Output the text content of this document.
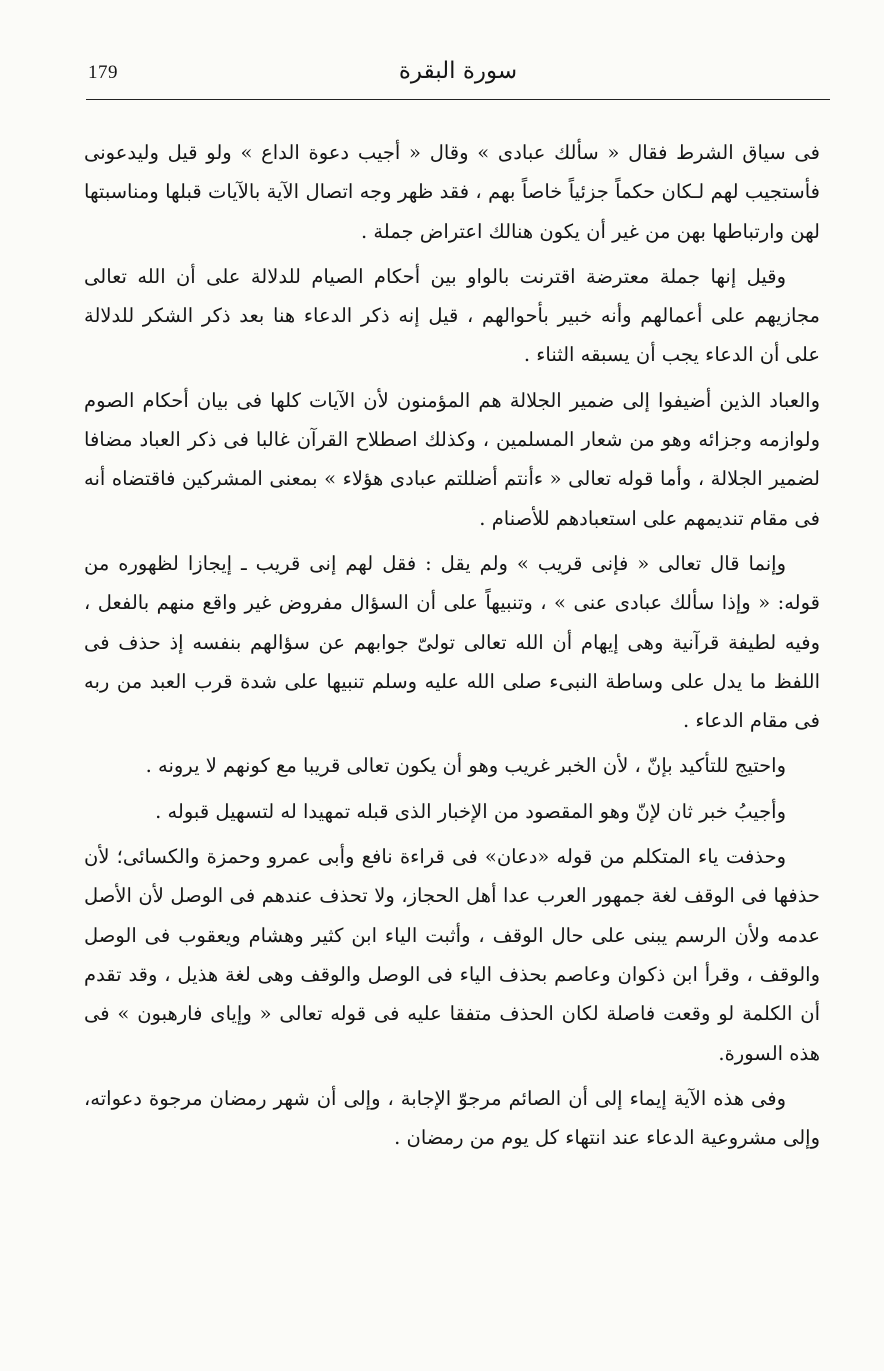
179	سورة البقرة

فى سياق الشرط فقال « سألك عبادى » وقال « أجيب دعوة الداع » ولو قيل وليدعونى فأستجيب لهم لـكان حكماً جزئياً خاصاً بهم ، فقد ظهر وجه اتصال الآية بالآيات قبلها ومناسبتها لهن وارتباطها بهن من غير أن يكون هنالك اعتراض جملة .

وقيل إنها جملة معترضة اقترنت بالواو بين أحكام الصيام للدلالة على أن الله تعالى مجازيهم على أعمالهم وأنه خبير بأحوالهم ، قيل إنه ذكر الدعاء هنا بعد ذكر الشكر للدلالة على أن الدعاء يجب أن يسبقه الثناء .

والعباد الذين أضيفوا إلى ضمير الجلالة هم المؤمنون لأن الآيات كلها فى بيان أحكام الصوم ولوازمه وجزائه وهو من شعار المسلمين ، وكذلك اصطلاح القرآن غالبا فى ذكر العباد مضافا لضمير الجلالة ، وأما قوله تعالى « ءأنتم أضللتم عبادى هؤلاء » بمعنى المشركين فاقتضاه أنه فى مقام تنديمهم على استعبادهم للأصنام .

وإنما قال تعالى « فإنى قريب » ولم يقل : فقل لهم إنى قريب ـ إيجازا لظهوره من قوله: « وإذا سألك عبادى عنى » ، وتنبيهاً على أن السؤال مفروض غير واقع منهم بالفعل ، وفيه لطيفة قرآنية وهى إيهام أن الله تعالى تولىّ جوابهم عن سؤالهم بنفسه إذ حذف فى اللفظ ما يدل على وساطة النبىء صلى الله عليه وسلم تنبيها على شدة قرب العبد من ربه فى مقام الدعاء .

واحتيج للتأكيد بإنّ ، لأن الخبر غريب وهو أن يكون تعالى قريبا مع كونهم لا يرونه .

وأجيبُ خبر ثان لإنّ وهو المقصود من الإخبار الذى قبله تمهيدا له لتسهيل قبوله .

وحذفت ياء المتكلم من قوله «دعان» فى قراءة نافع وأبى عمرو وحمزة والكسائى؛ لأن حذفها فى الوقف لغة جمهور العرب عدا أهل الحجاز، ولا تحذف عندهم فى الوصل لأن الأصل عدمه ولأن الرسم يبنى على حال الوقف ، وأثبت الياء ابن كثير وهشام ويعقوب فى الوصل والوقف ، وقرأ ابن ذكوان وعاصم بحذف الياء فى الوصل والوقف وهى لغة هذيل ، وقد تقدم أن الكلمة لو وقعت فاصلة لكان الحذف متفقا عليه فى قوله تعالى « وإياى فارهبون » فى هذه السورة.

وفى هذه الآية إيماء إلى أن الصائم مرجوّ الإجابة ، وإلى أن شهر رمضان مرجوة دعواته، وإلى مشروعية الدعاء عند انتهاء كل يوم من رمضان .
